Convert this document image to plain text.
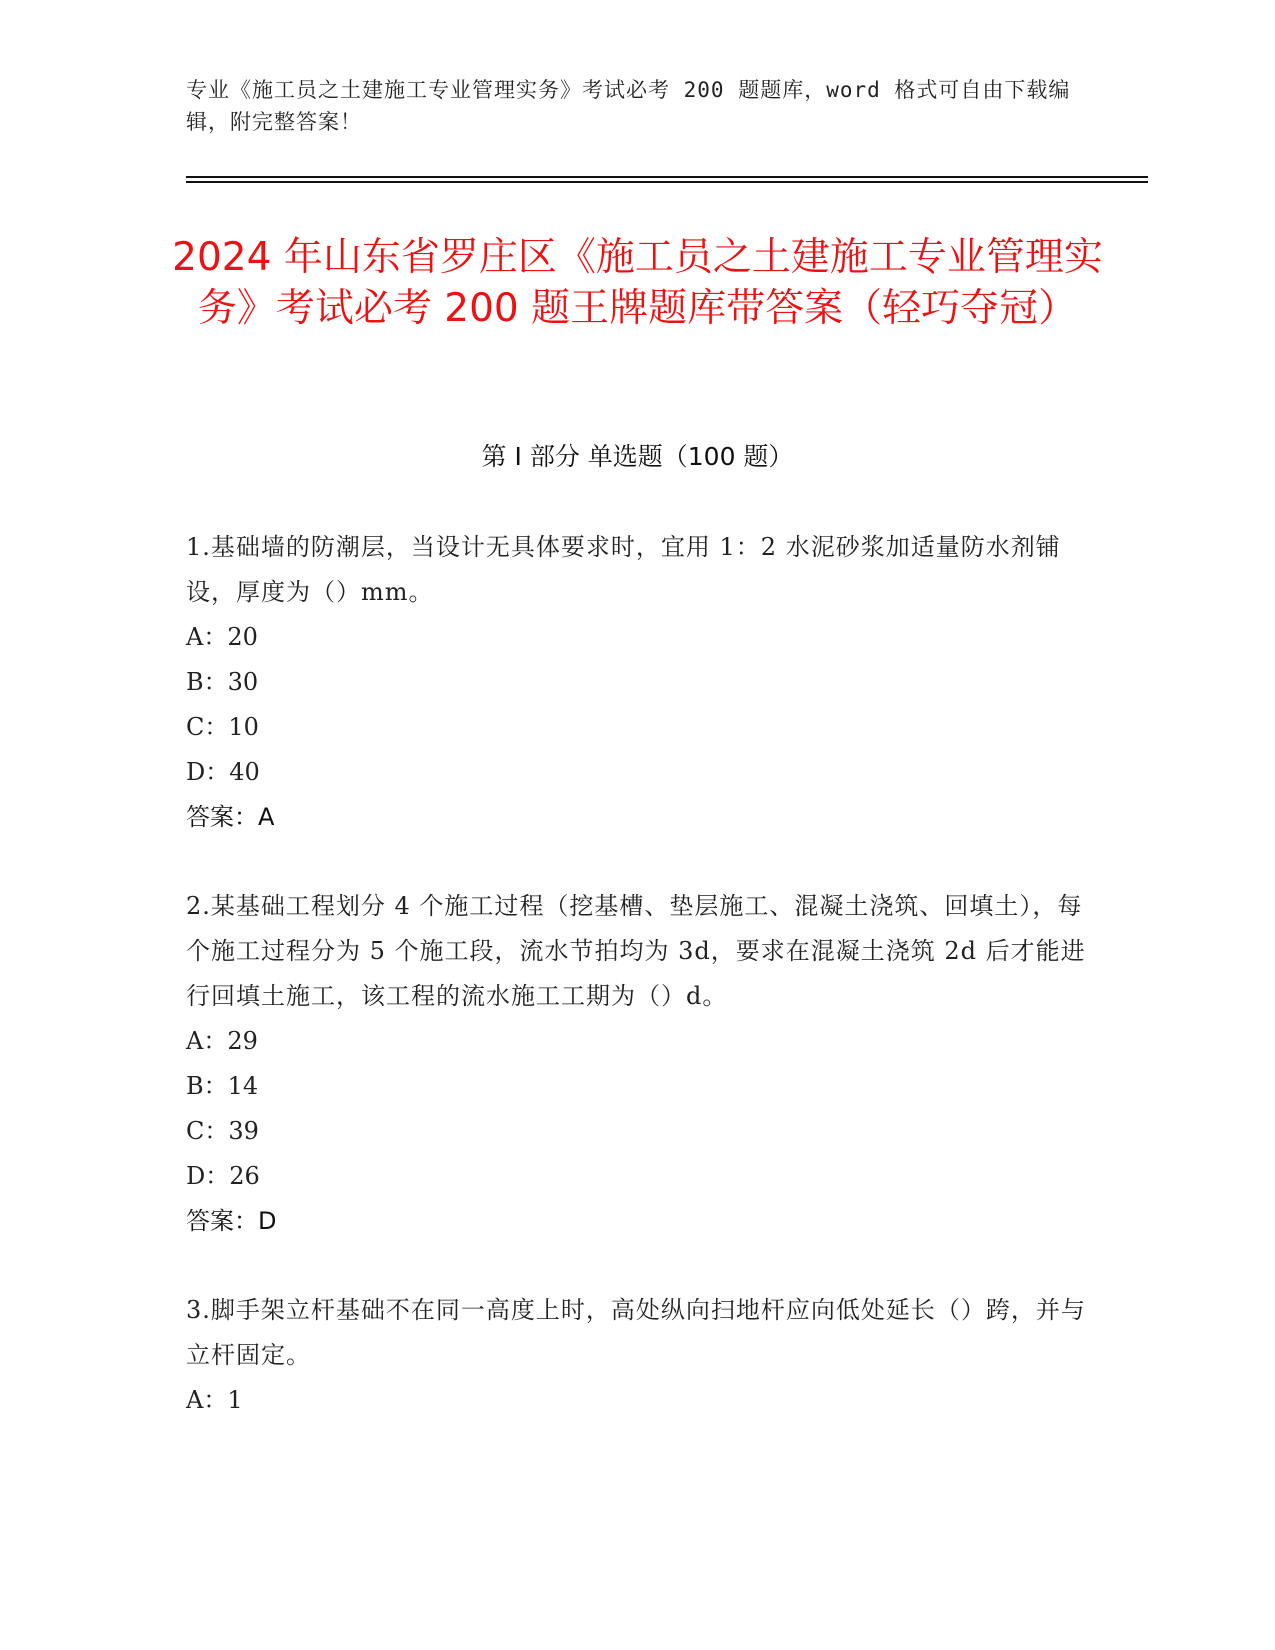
专业《施工员之土建施工专业管理实务》考试必考 200 题题库，word 格式可自由下载编辑，附完整答案！
2024 年山东省罗庄区《施工员之土建施工专业管理实务》考试必考 200 题王牌题库带答案（轻巧夺冠）
第 I 部分 单选题（100 题）
1.基础墙的防潮层，当设计无具体要求时，宜用 1：2 水泥砂浆加适量防水剂铺设，厚度为（）mm。
A：20
B：30
C：10
D：40
答案：A
2.某基础工程划分 4 个施工过程（挖基槽、垫层施工、混凝土浇筑、回填土），每个施工过程分为 5 个施工段，流水节拍均为 3d，要求在混凝土浇筑 2d 后才能进行回填土施工，该工程的流水施工工期为（）d。
A：29
B：14
C：39
D：26
答案：D
3.脚手架立杆基础不在同一高度上时，高处纵向扫地杆应向低处延长（）跨，并与立杆固定。
A：1
